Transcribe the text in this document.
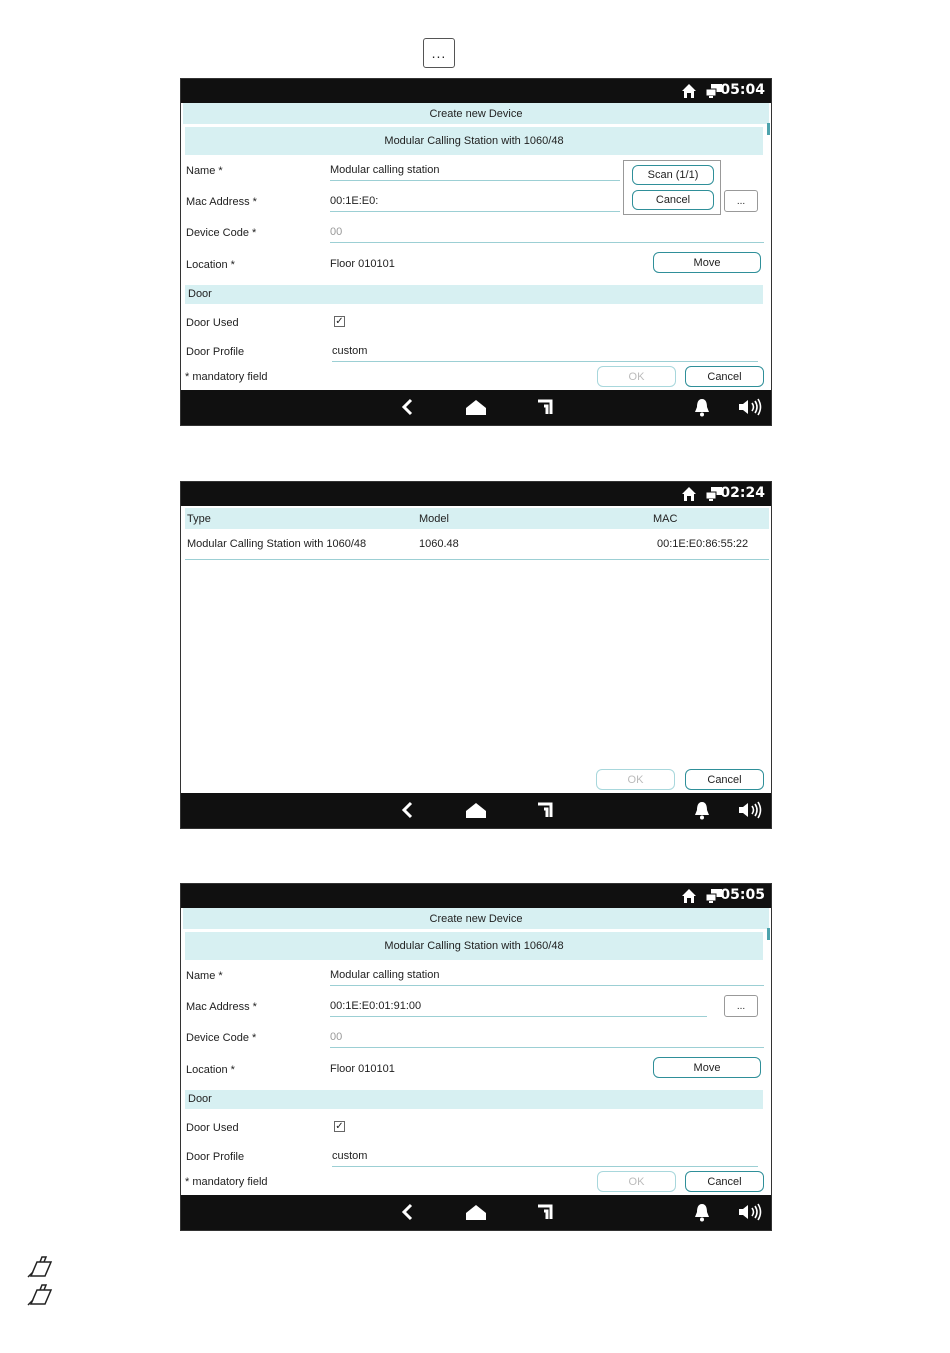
...
05:04
Create new Device
Modular Calling Station with 1060/48
Name *	Modular calling station
Mac Address *	00:1E:E0:	...
Device Code *	00
Location *	Floor 010101	Move
Door
Door Used	✓
Door Profile	custom
* mandatory field	OK	Cancel
Scan (1/1)
Cancel
02:24
Type	Model	MAC
Modular Calling Station with 1060/48	1060.48	00:1E:E0:86:55:22
OK	Cancel
05:05
Create new Device
Modular Calling Station with 1060/48
Name *	Modular calling station
Mac Address *	00:1E:E0:01:91:00	...
Device Code *	00
Location *	Floor 010101	Move
Door
Door Used	✓
Door Profile	custom
* mandatory field	OK	Cancel
